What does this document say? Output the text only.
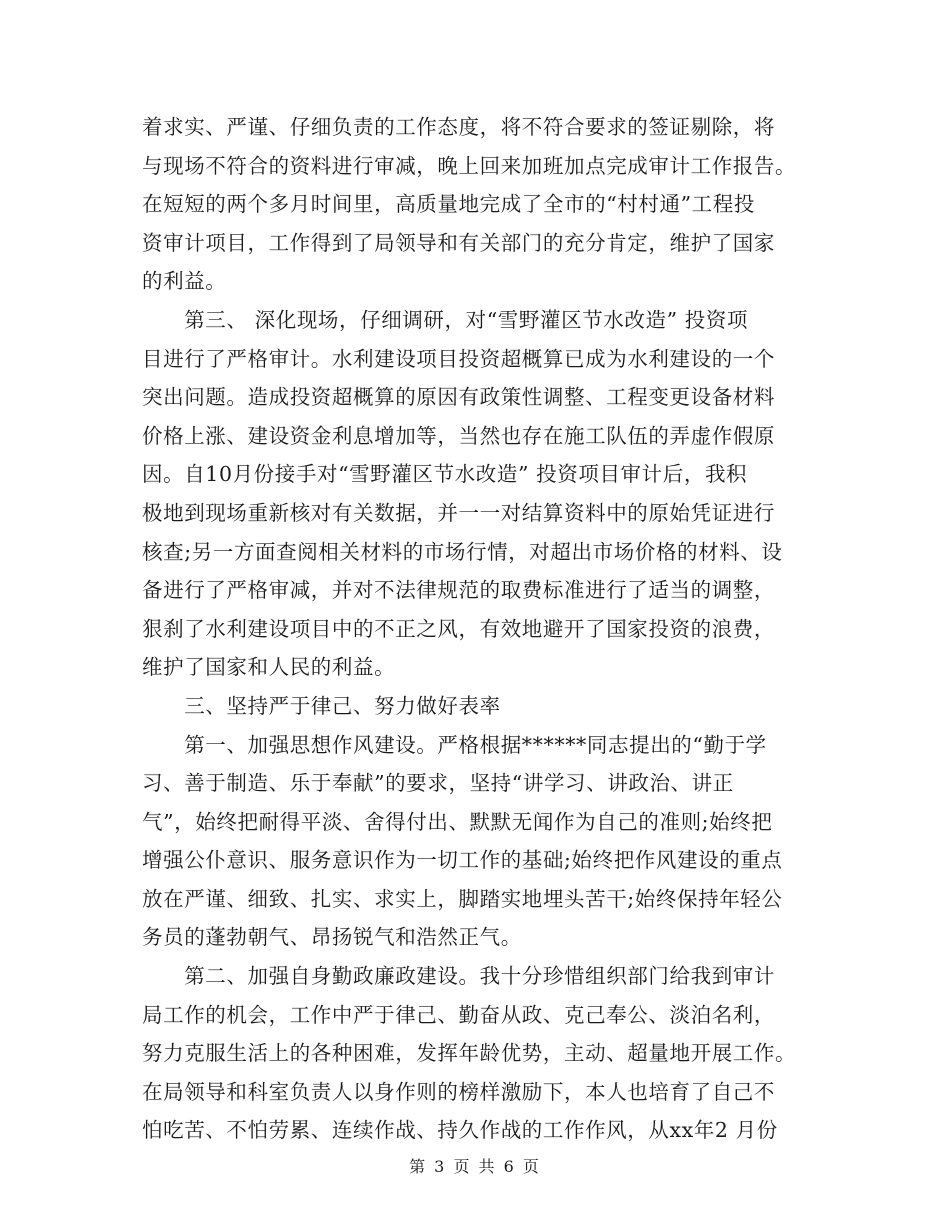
着求实、严谨、仔细负责的工作态度，将不符合要求的签证剔除，将
与现场不符合的资料进行审减，晚上回来加班加点完成审计工作报告。
在短短的两个多月时间里，高质量地完成了全市的“村村通”工程投
资审计项目，工作得到了局领导和有关部门的充分肯定，维护了国家
的利益。
　　第三、 深化现场，仔细调研，对“雪野灌区节水改造” 投资项
目进行了严格审计。水利建设项目投资超概算已成为水利建设的一个
突出问题。造成投资超概算的原因有政策性调整、工程变更设备材料
价格上涨、建设资金利息增加等，当然也存在施工队伍的弄虚作假原
因。自10月份接手对“雪野灌区节水改造” 投资项目审计后，我积
极地到现场重新核对有关数据，并一一对结算资料中的原始凭证进行
核查;另一方面查阅相关材料的市场行情，对超出市场价格的材料、设
备进行了严格审减，并对不法律规范的取费标准进行了适当的调整，
狠刹了水利建设项目中的不正之风，有效地避开了国家投资的浪费，
维护了国家和人民的利益。
　　三、坚持严于律己、努力做好表率
　　第一、加强思想作风建设。严格根据******同志提出的“勤于学
习、善于制造、乐于奉献”的要求，坚持“讲学习、讲政治、讲正
气”，始终把耐得平淡、舍得付出、默默无闻作为自己的准则;始终把
增强公仆意识、服务意识作为一切工作的基础;始终把作风建设的重点
放在严谨、细致、扎实、求实上，脚踏实地埋头苦干;始终保持年轻公
务员的蓬勃朝气、昂扬锐气和浩然正气。
　　第二、加强自身勤政廉政建设。我十分珍惜组织部门给我到审计
局工作的机会，工作中严于律己、勤奋从政、克己奉公、淡泊名利，
努力克服生活上的各种困难，发挥年龄优势，主动、超量地开展工作。
在局领导和科室负责人以身作则的榜样激励下，本人也培育了自己不
怕吃苦、不怕劳累、连续作战、持久作战的工作作风，从xx年2 月份
第 3 页 共 6 页
